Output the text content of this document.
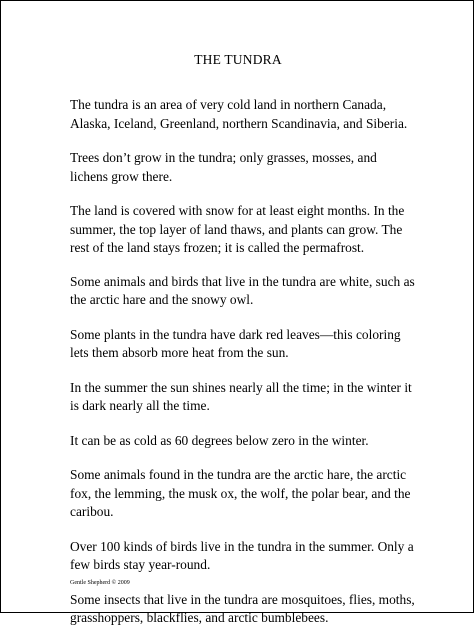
THE TUNDRA

The tundra is an area of very cold land in northern Canada, Alaska, Iceland, Greenland, northern Scandinavia, and Siberia.

Trees don’t grow in the tundra; only grasses, mosses, and lichens grow there.

The land is covered with snow for at least eight months. In the summer, the top layer of land thaws, and plants can grow. The rest of the land stays frozen; it is called the permafrost.

Some animals and birds that live in the tundra are white, such as the arctic hare and the snowy owl.

Some plants in the tundra have dark red leaves—this coloring lets them absorb more heat from the sun.

In the summer the sun shines nearly all the time; in the winter it is dark nearly all the time.

It can be as cold as 60 degrees below zero in the winter.

Some animals found in the tundra are the arctic hare, the arctic fox, the lemming, the musk ox, the wolf, the polar bear, and the caribou.

Over 100 kinds of birds live in the tundra in the summer. Only a few birds stay year-round.

Some insects that live in the tundra are mosquitoes, flies, moths, grasshoppers, blackflies, and arctic bumblebees.

Gentle Shepherd © 2009
